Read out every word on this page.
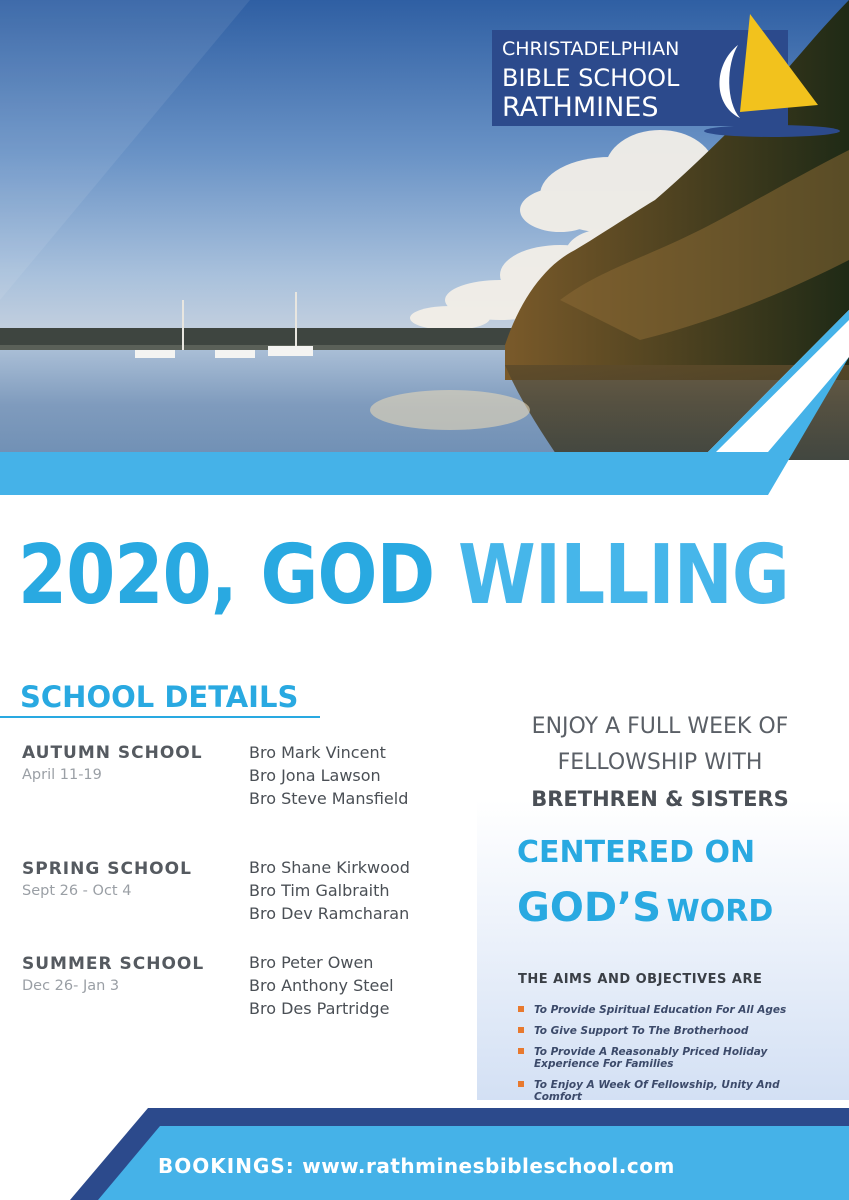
CHRISTADELPHIAN
BIBLE SCHOOL
RATHMINES
2020, GOD WILLING
SCHOOL DETAILS
AUTUMN SCHOOL
April 11-19
Bro Mark Vincent
Bro Jona Lawson
Bro Steve Mansfield
SPRING SCHOOL
Sept 26 - Oct 4
Bro Shane Kirkwood
Bro Tim Galbraith
Bro Dev Ramcharan
SUMMER SCHOOL
Dec 26- Jan 3
Bro Peter Owen
Bro Anthony Steel
Bro Des Partridge
ENJOY A FULL WEEK OF
FELLOWSHIP WITH
BRETHREN & SISTERS
CENTERED ON
GOD’S WORD
THE AIMS AND OBJECTIVES ARE
To Provide Spiritual Education For All Ages
To Give Support To The Brotherhood
To Provide A Reasonably Priced Holiday Experience For Families
To Enjoy A Week Of Fellowship, Unity And Comfort
BOOKINGS: www.rathminesbibleschool.com
